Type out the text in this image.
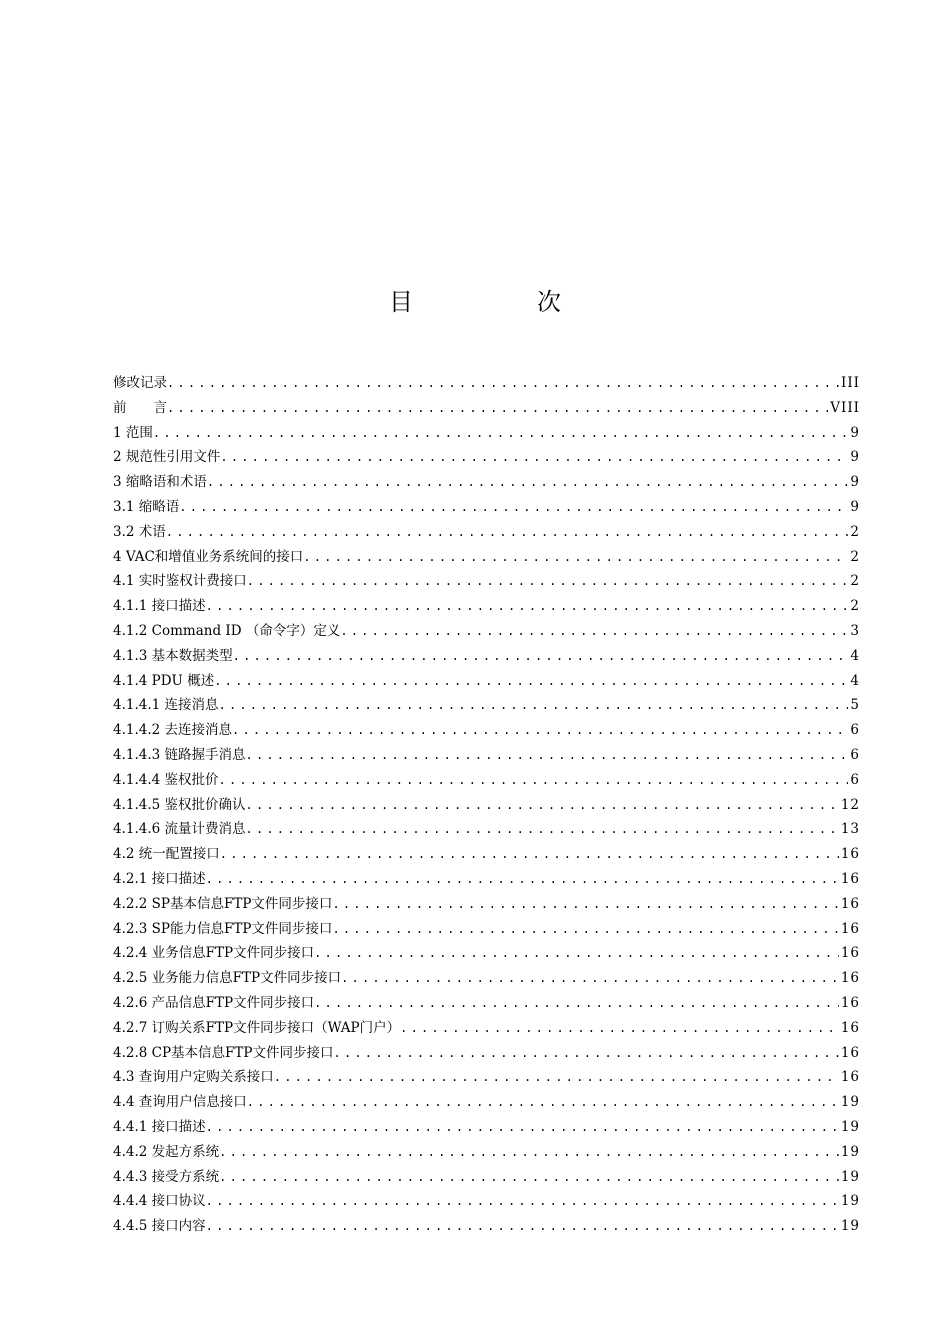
目　次
修改记录 .....	III
前　　言 .....	VIII
1 范围 .....	9
2 规范性引用文件 .....	9
3 缩略语和术语 .....	9
3.1 缩略语 .....	9
3.2 术语 .....	2
4 VAC和增值业务系统间的接口 .....	2
4.1 实时鉴权计费接口 .....	2
4.1.1 接口描述 .....	2
4.1.2 Command ID （命令字）定义 .....	3
4.1.3 基本数据类型 .....	4
4.1.4 PDU 概述 .....	4
4.1.4.1 连接消息 .....	5
4.1.4.2 去连接消息 .....	6
4.1.4.3 链路握手消息 .....	6
4.1.4.4 鉴权批价 .....	6
4.1.4.5 鉴权批价确认 .....	12
4.1.4.6 流量计费消息 .....	13
4.2 统一配置接口 .....	16
4.2.1 接口描述 .....	16
4.2.2 SP基本信息FTP文件同步接口 .....	16
4.2.3 SP能力信息FTP文件同步接口 .....	16
4.2.4 业务信息FTP文件同步接口 .....	16
4.2.5 业务能力信息FTP文件同步接口 .....	16
4.2.6 产品信息FTP文件同步接口 .....	16
4.2.7 订购关系FTP文件同步接口（WAP门户） .....	16
4.2.8 CP基本信息FTP文件同步接口 .....	16
4.3 查询用户定购关系接口 .....	16
4.4 查询用户信息接口 .....	19
4.4.1 接口描述 .....	19
4.4.2 发起方系统 .....	19
4.4.3 接受方系统 .....	19
4.4.4 接口协议 .....	19
4.4.5 接口内容 .....	19
